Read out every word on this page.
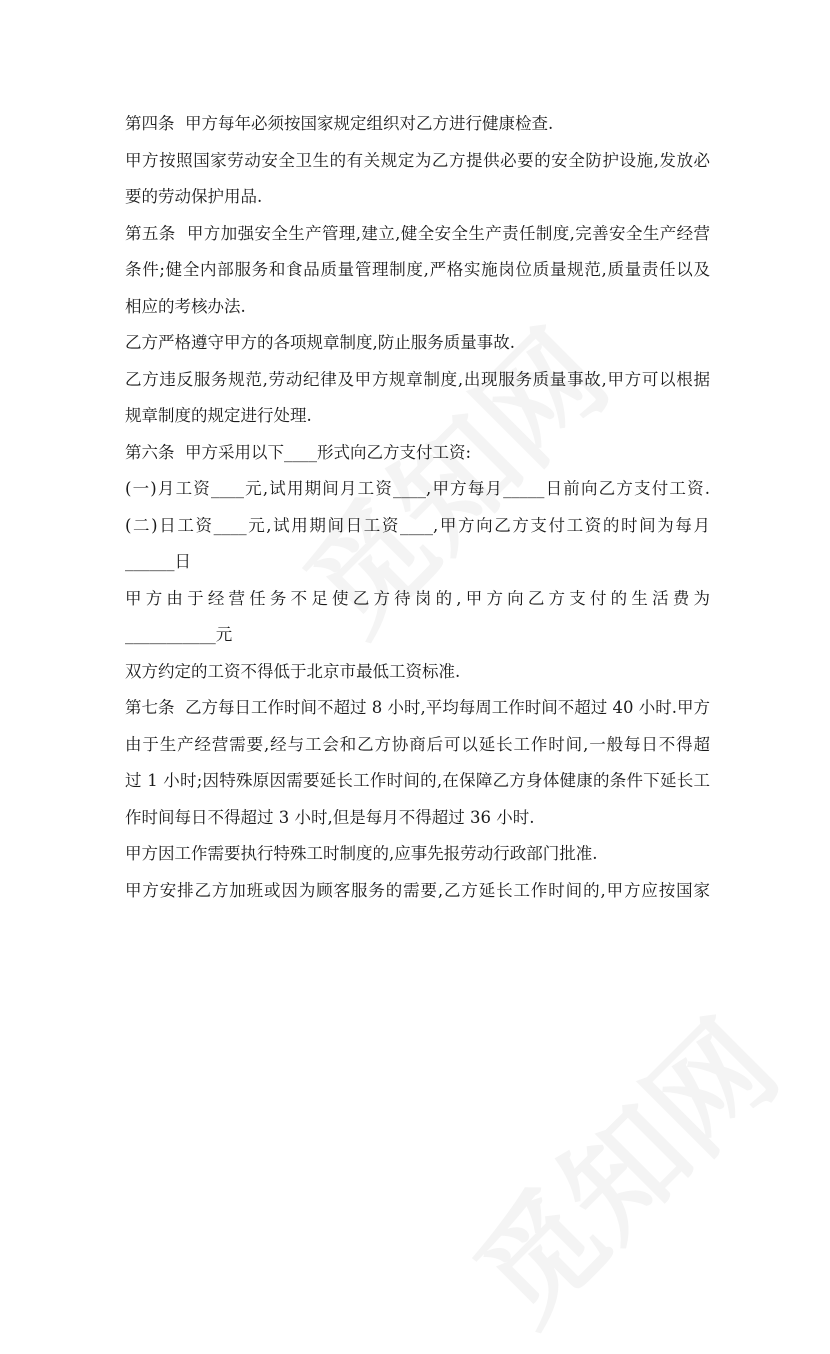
第四条  甲方每年必须按国家规定组织对乙方进行健康检查.

甲方按照国家劳动安全卫生的有关规定为乙方提供必要的安全防护设施,发放必

要的劳动保护用品.

第五条  甲方加强安全生产管理,建立,健全安全生产责任制度,完善安全生产经营

条件;健全内部服务和食品质量管理制度,严格实施岗位质量规范,质量责任以及

相应的考核办法.

乙方严格遵守甲方的各项规章制度,防止服务质量事故.

乙方违反服务规范,劳动纪律及甲方规章制度,出现服务质量事故,甲方可以根据

规章制度的规定进行处理.

第六条  甲方采用以下____形式向乙方支付工资:

(一)月工资____元,试用期间月工资____,甲方每月_____日前向乙方支付工资.

(二)日工资____元,试用期间日工资____,甲方向乙方支付工资的时间为每月

______日

甲方由于经营任务不足使乙方待岗的,甲方向乙方支付的生活费为

___________元

双方约定的工资不得低于北京市最低工资标准.

第七条  乙方每日工作时间不超过 8 小时,平均每周工作时间不超过 40 小时.甲方

由于生产经营需要,经与工会和乙方协商后可以延长工作时间,一般每日不得超

过 1 小时;因特殊原因需要延长工作时间的,在保障乙方身体健康的条件下延长工

作时间每日不得超过 3 小时,但是每月不得超过 36 小时.

甲方因工作需要执行特殊工时制度的,应事先报劳动行政部门批准.

甲方安排乙方加班或因为顾客服务的需要,乙方延长工作时间的,甲方应按国家
